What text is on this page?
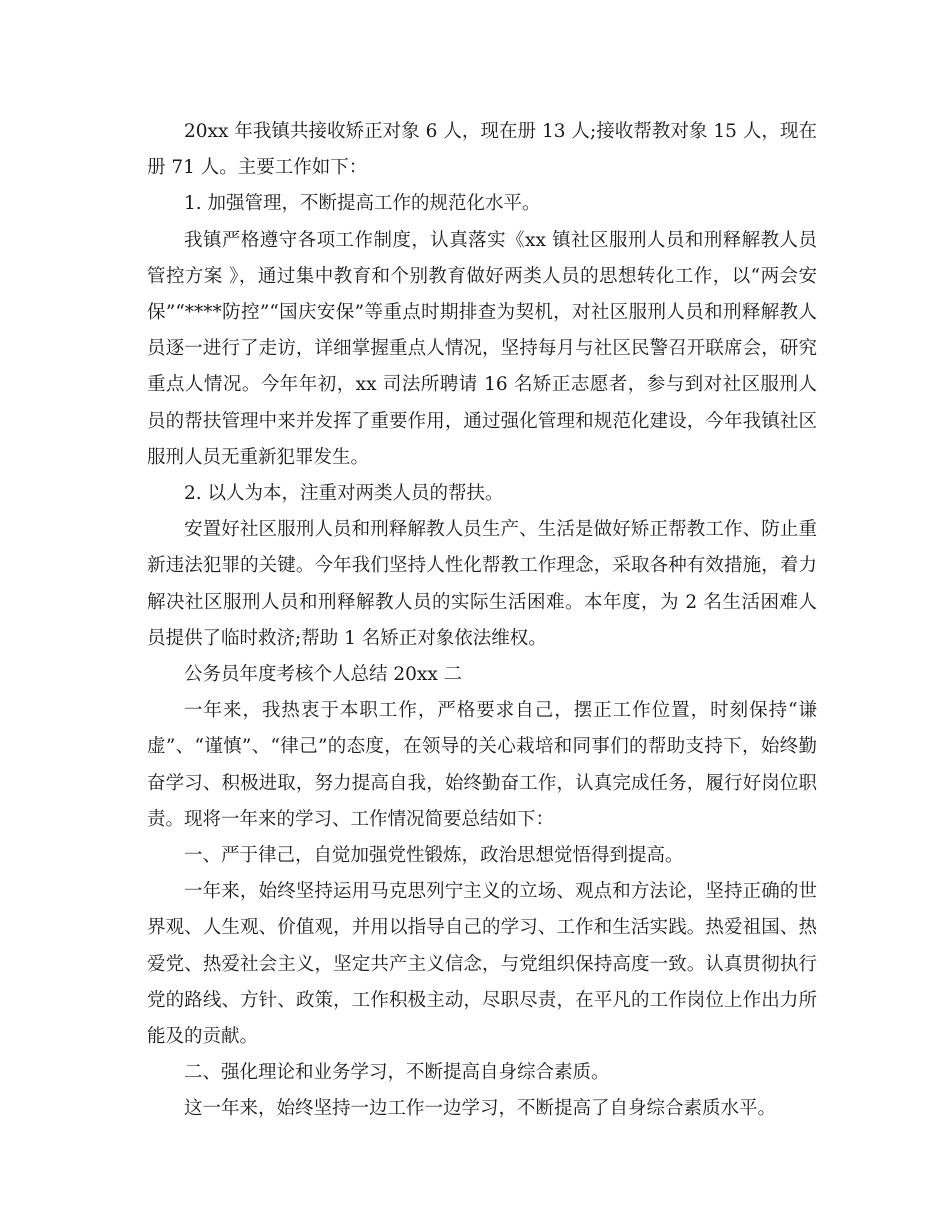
20xx 年我镇共接收矫正对象 6 人，现在册 13 人;接收帮教对象 15 人，现在册 71 人。主要工作如下：

1. 加强管理，不断提高工作的规范化水平。

我镇严格遵守各项工作制度，认真落实《xx 镇社区服刑人员和刑释解教人员管控方案 》，通过集中教育和个别教育做好两类人员的思想转化工作，以“两会安保”“****防控”“国庆安保”等重点时期排查为契机，对社区服刑人员和刑释解教人员逐一进行了走访，详细掌握重点人情况，坚持每月与社区民警召开联席会，研究重点人情况。今年年初，xx 司法所聘请 16 名矫正志愿者，参与到对社区服刑人员的帮扶管理中来并发挥了重要作用，通过强化管理和规范化建设，今年我镇社区服刑人员无重新犯罪发生。

2. 以人为本，注重对两类人员的帮扶。

安置好社区服刑人员和刑释解教人员生产、生活是做好矫正帮教工作、防止重新违法犯罪的关键。今年我们坚持人性化帮教工作理念，采取各种有效措施，着力解决社区服刑人员和刑释解教人员的实际生活困难。本年度，为 2 名生活困难人员提供了临时救济;帮助 1 名矫正对象依法维权。

公务员年度考核个人总结 20xx 二

一年来，我热衷于本职工作，严格要求自己，摆正工作位置，时刻保持“谦虚”、“谨慎”、“律己”的态度，在领导的关心栽培和同事们的帮助支持下，始终勤奋学习、积极进取，努力提高自我，始终勤奋工作，认真完成任务，履行好岗位职责。现将一年来的学习、工作情况简要总结如下：

一、严于律己，自觉加强党性锻炼，政治思想觉悟得到提高。

一年来，始终坚持运用马克思列宁主义的立场、观点和方法论，坚持正确的世界观、人生观、价值观，并用以指导自己的学习、工作和生活实践。热爱祖国、热爱党、热爱社会主义，坚定共产主义信念，与党组织保持高度一致。认真贯彻执行党的路线、方针、政策，工作积极主动，尽职尽责，在平凡的工作岗位上作出力所能及的贡献。

二、强化理论和业务学习，不断提高自身综合素质。

这一年来，始终坚持一边工作一边学习，不断提高了自身综合素质水平。
